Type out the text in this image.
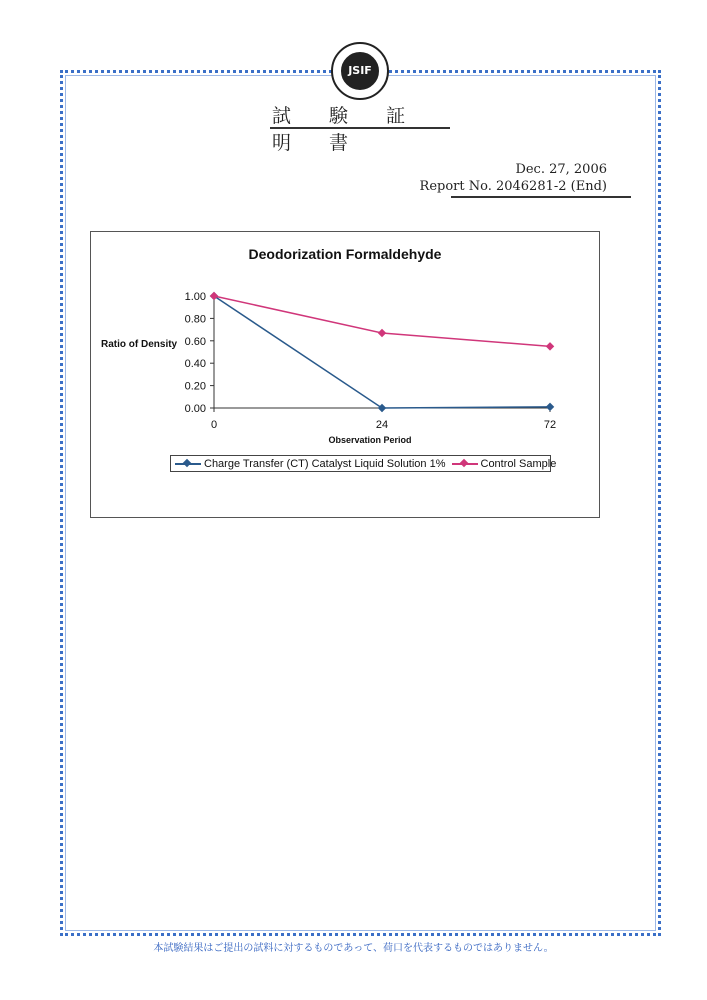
JSIF
試 験 証 明 書
Dec. 27, 2006
Report No. 2046281-2 (End)
Deodorization Formaldehyde
Ratio of Density
0.00
0.20
0.40
0.60
0.80
1.00
0	24	72
Observation Period
Charge Transfer (CT) Catalyst Liquid Solution 1%	Control Sample
本試験結果はご提出の試料に対するものであって、荷口を代表するものではありません。
